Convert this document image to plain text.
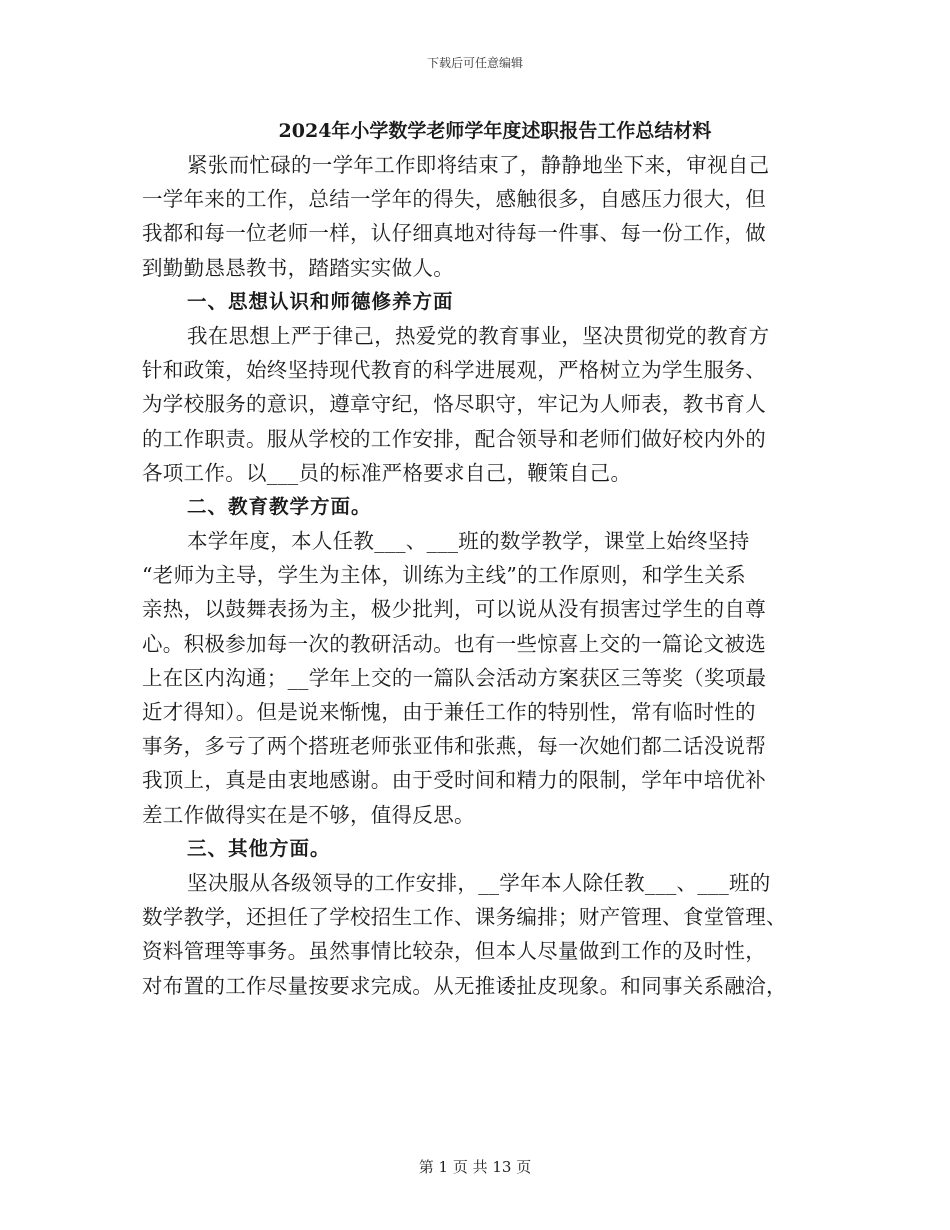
下载后可任意编辑
2024年小学数学老师学年度述职报告工作总结材料
紧张而忙碌的一学年工作即将结束了，静静地坐下来，审视自己
一学年来的工作，总结一学年的得失，感触很多，自感压力很大，但
我都和每一位老师一样，认仔细真地对待每一件事、每一份工作，做
到勤勤恳恳教书，踏踏实实做人。
一、思想认识和师德修养方面
我在思想上严于律己，热爱党的教育事业，坚决贯彻党的教育方
针和政策，始终坚持现代教育的科学进展观，严格树立为学生服务、
为学校服务的意识，遵章守纪，恪尽职守，牢记为人师表，教书育人
的工作职责。服从学校的工作安排，配合领导和老师们做好校内外的
各项工作。以___员的标准严格要求自己，鞭策自己。
二、教育教学方面。
本学年度，本人任教___、___班的数学教学，课堂上始终坚持
“老师为主导，学生为主体，训练为主线”的工作原则，和学生关系
亲热，以鼓舞表扬为主，极少批判，可以说从没有损害过学生的自尊
心。积极参加每一次的教研活动。也有一些惊喜上交的一篇论文被选
上在区内沟通；__学年上交的一篇队会活动方案获区三等奖（奖项最
近才得知）。但是说来惭愧，由于兼任工作的特别性，常有临时性的
事务，多亏了两个搭班老师张亚伟和张燕，每一次她们都二话没说帮
我顶上，真是由衷地感谢。由于受时间和精力的限制，学年中培优补
差工作做得实在是不够，值得反思。
三、其他方面。
坚决服从各级领导的工作安排，__学年本人除任教___、___班的
数学教学，还担任了学校招生工作、课务编排；财产管理、食堂管理、
资料管理等事务。虽然事情比较杂，但本人尽量做到工作的及时性，
对布置的工作尽量按要求完成。从无推诿扯皮现象。和同事关系融洽，
第 1 页 共 13 页
